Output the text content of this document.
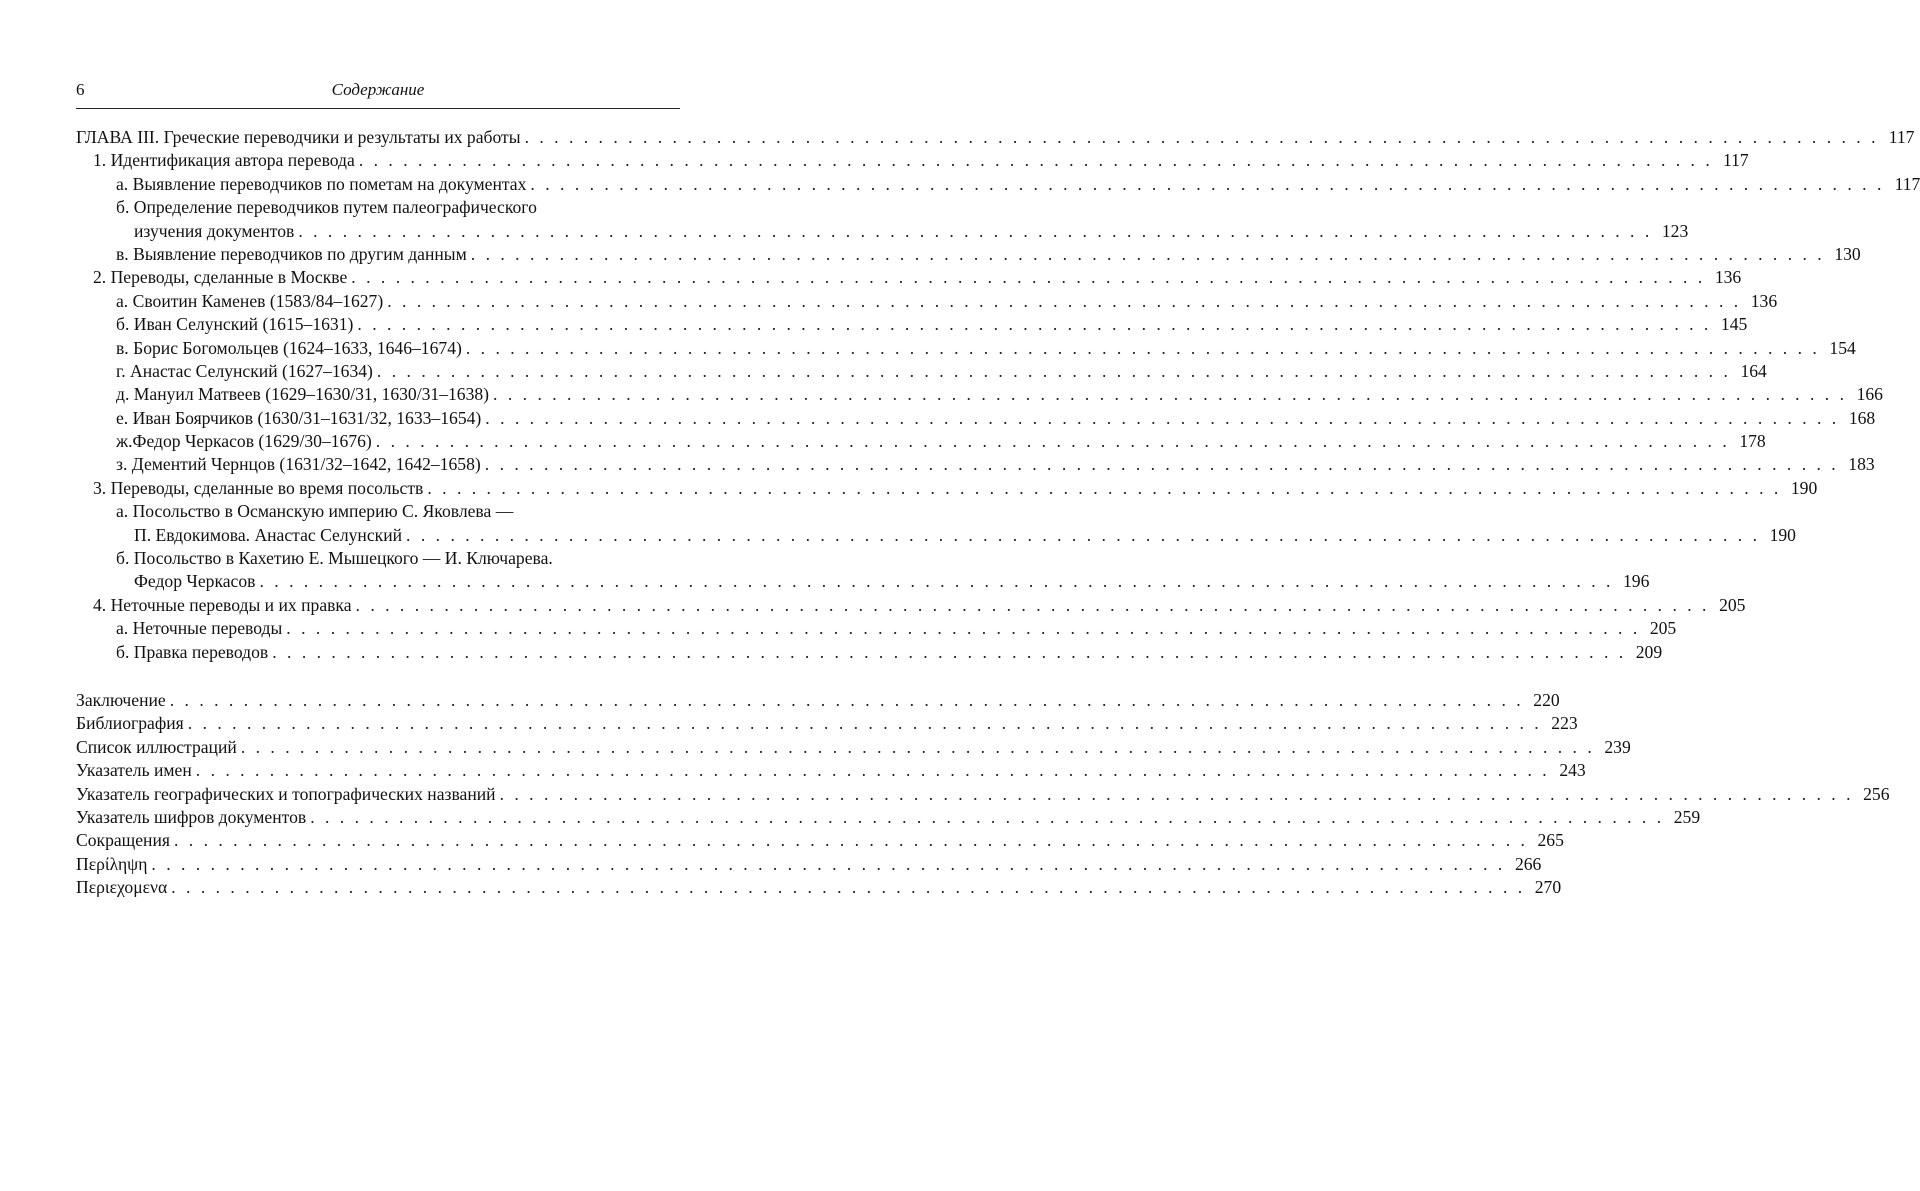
6	Содержание
ГЛАВА III. Греческие переводчики и результаты их работы . . .	117
1. Идентификация автора перевода . . .	117
а. Выявление переводчиков по пометам на документах . . .	117
б. Определение переводчиков путем палеографического
изучения документов . . .	123
в. Выявление переводчиков по другим данным . . .	130
2. Переводы, сделанные в Москве . . .	136
а. Своитин Каменев (1583/84–1627) . . .	136
б. Иван Селунский (1615–1631) . . .	145
в. Борис Богомольцев (1624–1633, 1646–1674) . . .	154
г. Анастас Селунский (1627–1634) . . .	164
д. Мануил Матвеев (1629–1630/31, 1630/31–1638) . . .	166
е. Иван Боярчиков (1630/31–1631/32, 1633–1654) . . .	168
ж.Федор Черкасов (1629/30–1676) . . .	178
з. Дементий Чернцов (1631/32–1642, 1642–1658) . . .	183
3. Переводы, сделанные во время посольств . . .	190
а. Посольство в Османскую империю С. Яковлева —
П. Евдокимова. Анастас Селунский . . .	190
б. Посольство в Кахетию Е. Мышецкого — И. Ключарева.
Федор Черкасов . . .	196
4. Неточные переводы и их правка . . .	205
а. Неточные переводы . . .	205
б. Правка переводов . . .	209
Заключение . . .	220
Библиография . . .	223
Список иллюстраций . . .	239
Указатель имен . . .	243
Указатель географических и топографических названий . . .	256
Указатель шифров документов . . .	259
Сокращения . . .	265
Περίληψη . . .	266
Περιεχομενα . . .	270
